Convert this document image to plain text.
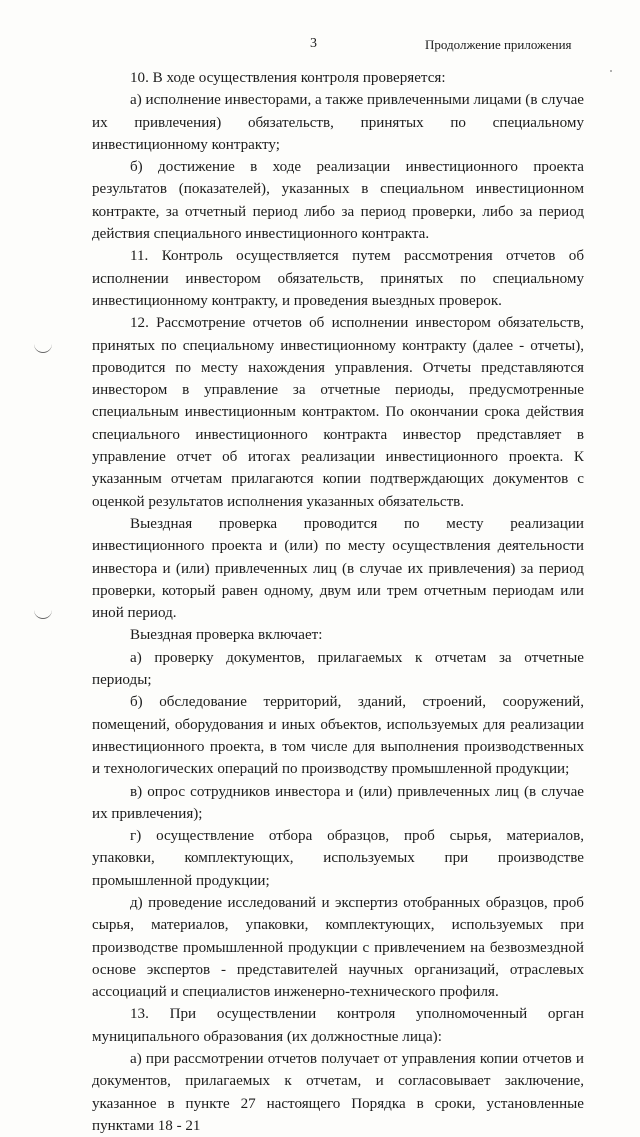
3	Продолжение приложения

10. В ходе осуществления контроля проверяется:

а) исполнение инвесторами, а также привлеченными лицами (в случае их привлечения) обязательств, принятых по специальному инвестиционному контракту;

б) достижение в ходе реализации инвестиционного проекта результатов (показателей), указанных в специальном инвестиционном контракте, за отчетный период либо за период проверки, либо за период действия специального инвестиционного контракта.

11. Контроль осуществляется путем рассмотрения отчетов об исполнении инвестором обязательств, принятых по специальному инвестиционному контракту, и проведения выездных проверок.

12. Рассмотрение отчетов об исполнении инвестором обязательств, принятых по специальному инвестиционному контракту (далее - отчеты), проводится по месту нахождения управления. Отчеты представляются инвестором в управление за отчетные периоды, предусмотренные специальным инвестиционным контрактом. По окончании срока действия специального инвестиционного контракта инвестор представляет в управление отчет об итогах реализации инвестиционного проекта. К указанным отчетам прилагаются копии подтверждающих документов с оценкой результатов исполнения указанных обязательств.

Выездная проверка проводится по месту реализации инвестиционного проекта и (или) по месту осуществления деятельности инвестора и (или) привлеченных лиц (в случае их привлечения) за период проверки, который равен одному, двум или трем отчетным периодам или иной период.

Выездная проверка включает:

а) проверку документов, прилагаемых к отчетам за отчетные периоды;

б) обследование территорий, зданий, строений, сооружений, помещений, оборудования и иных объектов, используемых для реализации инвестиционного проекта, в том числе для выполнения производственных и технологических операций по производству промышленной продукции;

в) опрос сотрудников инвестора и (или) привлеченных лиц (в случае их привлечения);

г) осуществление отбора образцов, проб сырья, материалов, упаковки, комплектующих, используемых при производстве промышленной продукции;

д) проведение исследований и экспертиз отобранных образцов, проб сырья, материалов, упаковки, комплектующих, используемых при производстве промышленной продукции с привлечением на безвозмездной основе экспертов - представителей научных организаций, отраслевых ассоциаций и специалистов инженерно-технического профиля.

13. При осуществлении контроля уполномоченный орган муниципального образования (их должностные лица):

а) при рассмотрении отчетов получает от управления копии отчетов и документов, прилагаемых к отчетам, и согласовывает заключение, указанное в пункте 27 настоящего Порядка в сроки, установленные пунктами 18 - 21
